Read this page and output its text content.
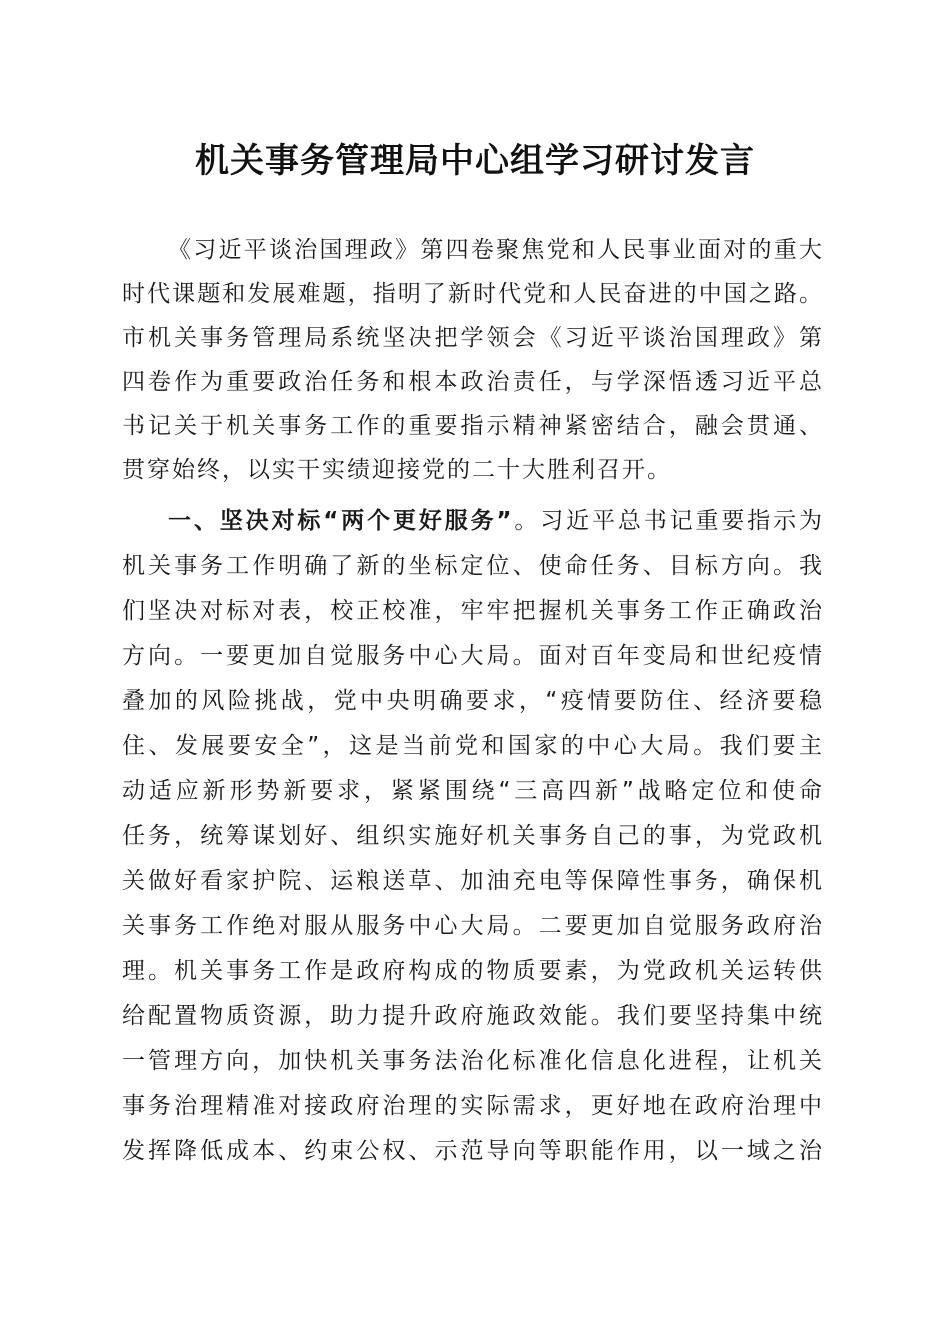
机关事务管理局中心组学习研讨发言
《习近平谈治国理政》第四卷聚焦党和人民事业面对的重大
时代课题和发展难题，指明了新时代党和人民奋进的中国之路。
市机关事务管理局系统坚决把学领会《习近平谈治国理政》第
四卷作为重要政治任务和根本政治责任，与学深悟透习近平总
书记关于机关事务工作的重要指示精神紧密结合，融会贯通、
贯穿始终，以实干实绩迎接党的二十大胜利召开。
一、坚决对标“两个更好服务”。习近平总书记重要指示为
机关事务工作明确了新的坐标定位、使命任务、目标方向。我
们坚决对标对表，校正校准，牢牢把握机关事务工作正确政治
方向。一要更加自觉服务中心大局。面对百年变局和世纪疫情
叠加的风险挑战，党中央明确要求，“疫情要防住、经济要稳
住、发展要安全”，这是当前党和国家的中心大局。我们要主
动适应新形势新要求，紧紧围绕“三高四新”战略定位和使命
任务，统筹谋划好、组织实施好机关事务自己的事，为党政机
关做好看家护院、运粮送草、加油充电等保障性事务，确保机
关事务工作绝对服从服务中心大局。二要更加自觉服务政府治
理。机关事务工作是政府构成的物质要素，为党政机关运转供
给配置物质资源，助力提升政府施政效能。我们要坚持集中统
一管理方向，加快机关事务法治化标准化信息化进程，让机关
事务治理精准对接政府治理的实际需求，更好地在政府治理中
发挥降低成本、约束公权、示范导向等职能作用，以一域之治
